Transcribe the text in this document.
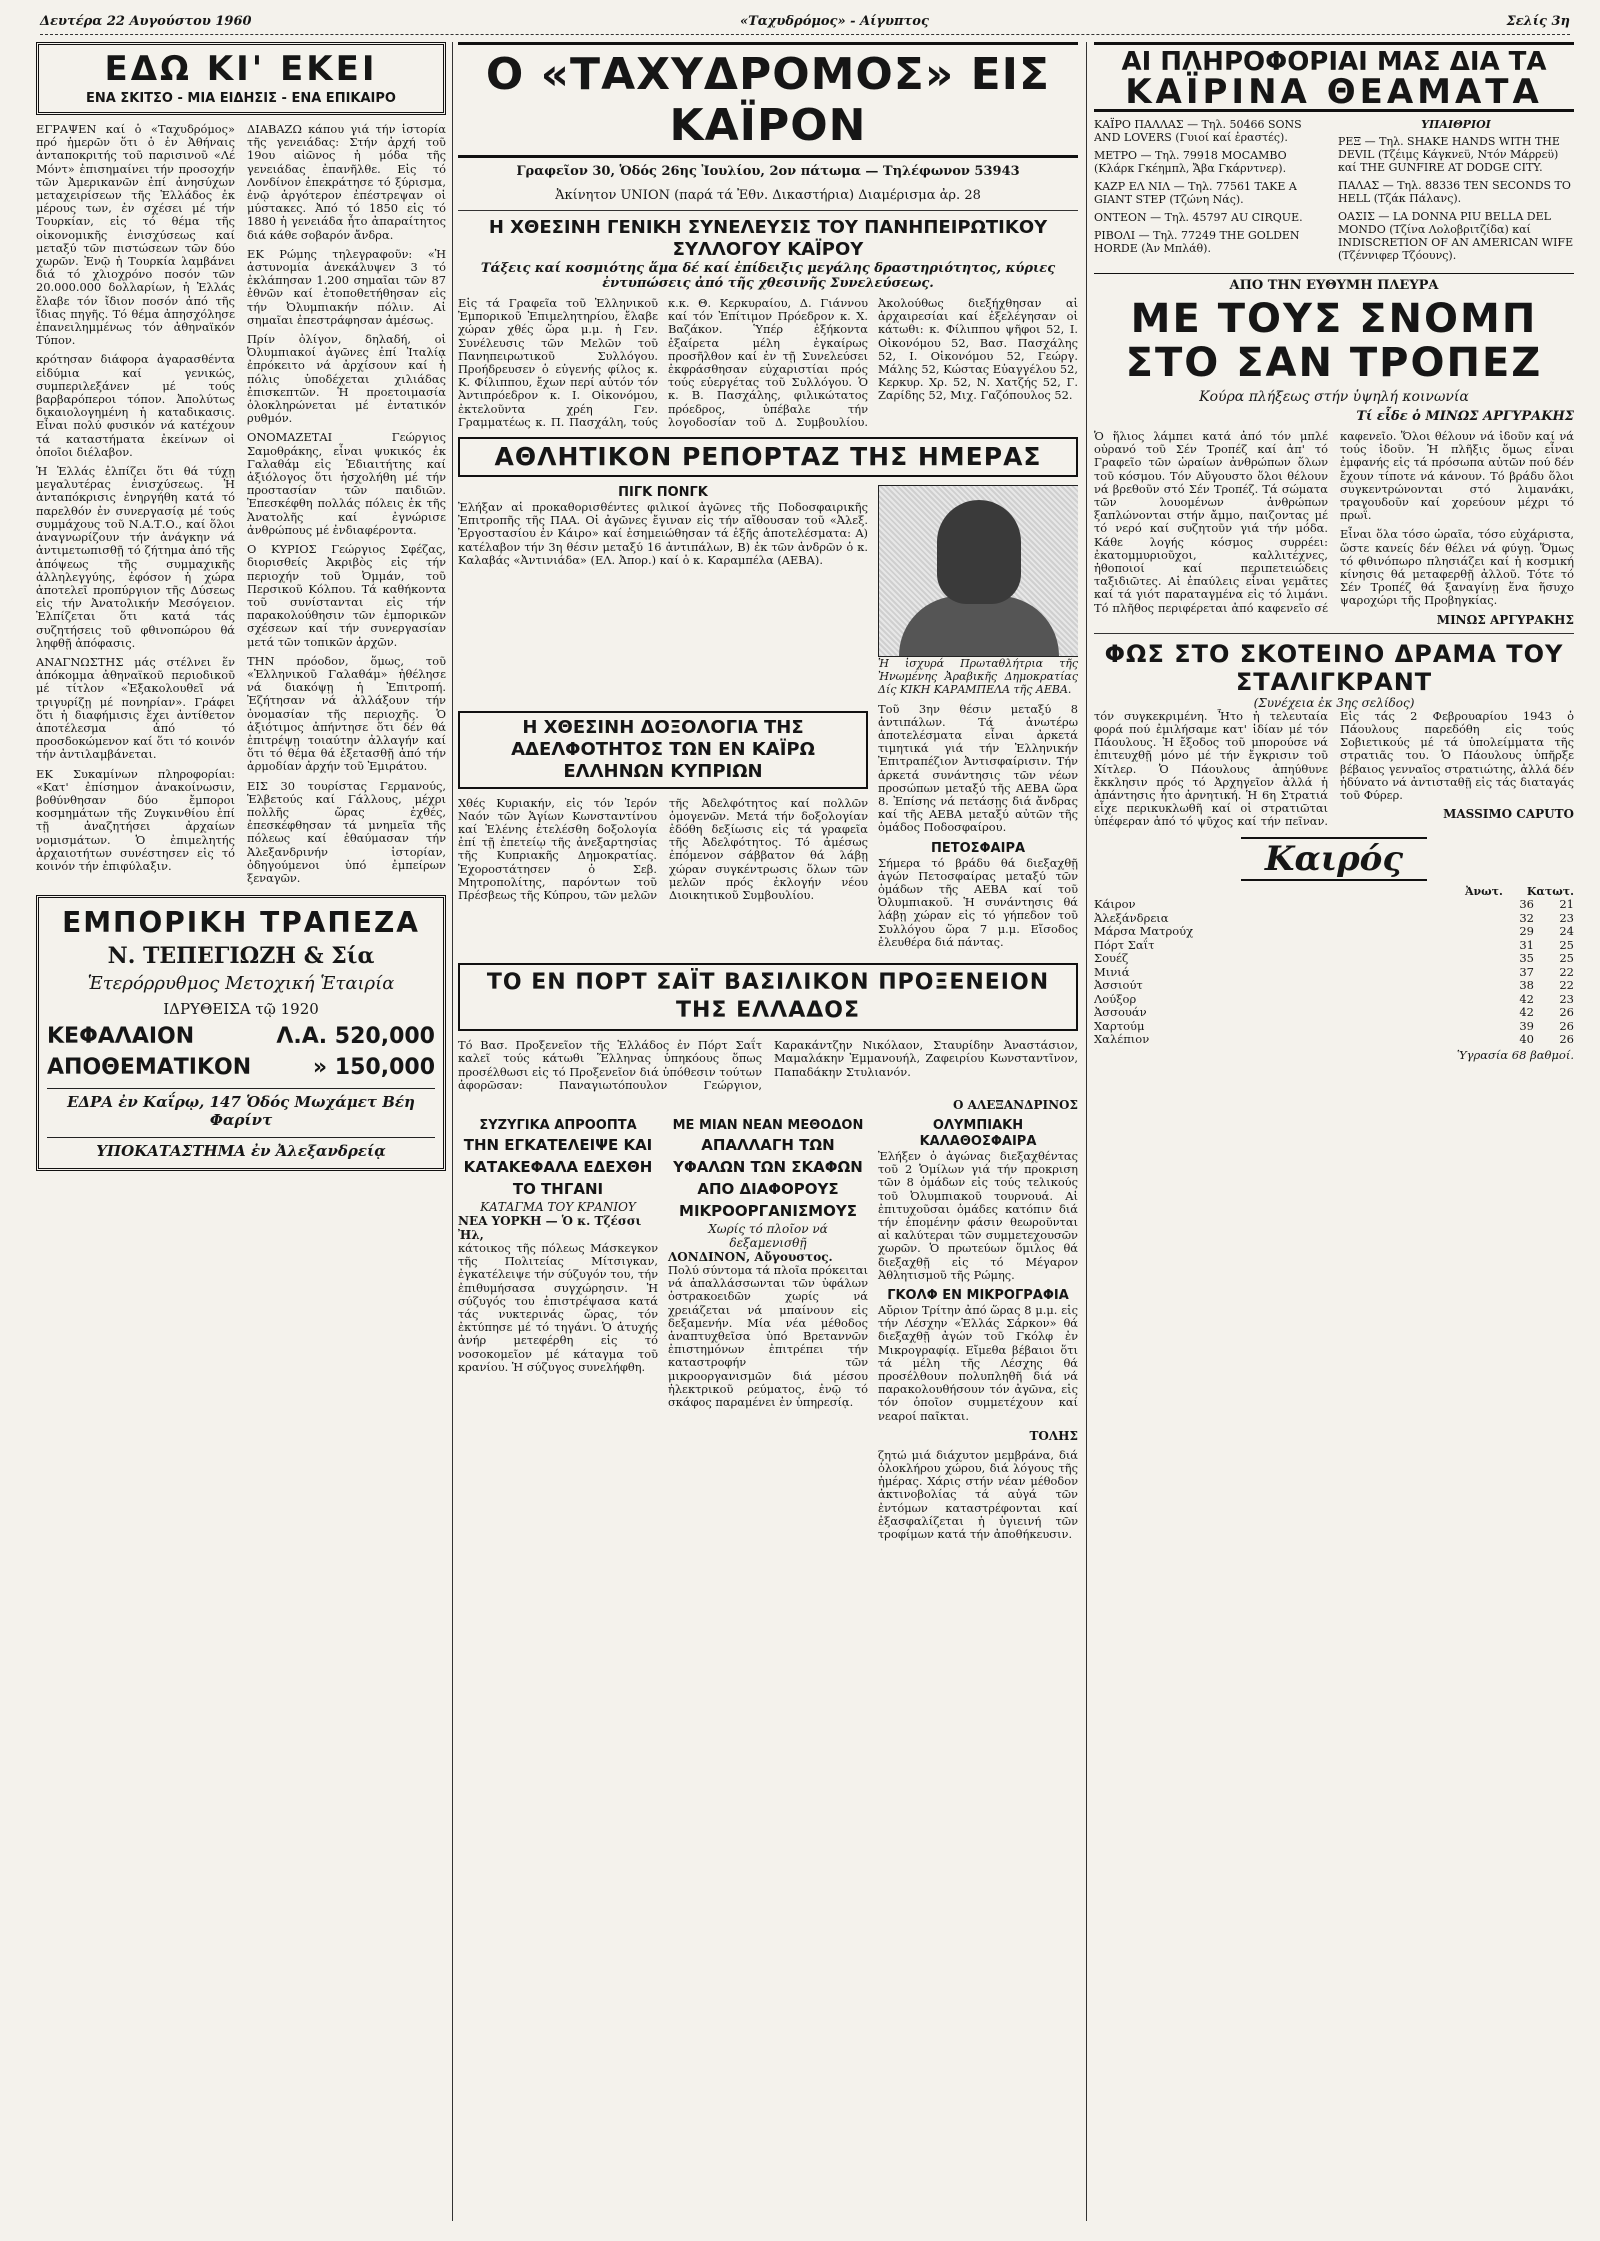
Δευτέρα 22 Αυγούστου 1960	«Ταχυδρόμος» - Αίγυπτος	Σελίς 3η
ΕΔΩ ΚΙ' ΕΚΕΙ
ΕΝΑ ΣΚΙΤΣΟ - ΜΙΑ ΕΙΔΗΣΙΣ - ΕΝΑ ΕΠΙΚΑΙΡΟ

ΕΓΡΑΨΕΝ καί ὁ «Ταχυδρόμος» πρό ἡμερῶν ὅτι ὁ ἐν Ἀθήναις ἀνταποκριτής τοῦ παρισινοῦ «Λέ Μόντ» ἐπισημαίνει τήν προσοχήν τῶν Ἀμερικανῶν ἐπί ἀνησύχων μεταχειρίσεων τῆς Ἑλλάδος ἐκ μέρους των, ἐν σχέσει μέ τήν Τουρκίαν, εἰς τό θέμα τῆς οἰκονομικῆς ἐνισχύσεως καί μεταξύ τῶν πιστώσεων τῶν δύο χωρῶν. Ἐνῷ ἡ Τουρκία λαμβάνει διά τό χλιοχρόνο ποσόν τῶν 20.000.000 δολλαρίων, ἡ Ἑλλάς ἔλαβε τόν ἴδιον ποσόν ἀπό τῆς ἴδιας πηγῆς. Τό θέμα ἀπησχόλησε ἐπανειλημμένως τόν ἀθηναϊκόν Τύπον.

κρότησαν διάφορα ἀγαρασθέντα εἰδύμια καί γενικώς, συμπεριλεξάνεν μέ τούς βαρβαρόπεροι τόπον. Ἀπολύτως δικαιολογημένη ἡ καταδικασις. Εἶναι πολύ φυσικόν νά κατέχουν τά καταστήματα ἐκείνων οἱ ὁποῖοι διέλαβον.

Ἡ Ἑλλάς ἐλπίζει ὅτι θά τύχῃ μεγαλυτέρας ἐνισχύσεως. Ἡ ἀνταπόκρισις ἐνηργήθη κατά τό παρελθόν ἐν συνεργασίᾳ μέ τούς συμμάχους τοῦ Ν.Α.Τ.Ο., καί ὅλοι ἀναγνωρίζουν τήν ἀνάγκην νά ἀντιμετωπισθῇ τό ζήτημα ἀπό τῆς ἀπόψεως τῆς συμμαχικῆς ἀλληλεγγύης, ἐφόσον ἡ χώρα ἀποτελεῖ προπύργιον τῆς Δύσεως εἰς τήν Ἀνατολικήν Μεσόγειον. Ἐλπίζεται ὅτι κατά τάς συζητήσεις τοῦ φθινοπώρου θά ληφθῇ ἀπόφασις.

ΑΝΑΓΝΩΣΤΗΣ μάς στέλνει ἕν ἀπόκομμα ἀθηναϊκοῦ περιοδικοῦ μέ τίτλον «Ἐξακολουθεῖ νά τριγυρίζῃ μέ πονηρίαν». Γράφει ὅτι ἡ διαφήμισις ἔχει ἀντίθετον ἀποτέλεσμα ἀπό τό προσδοκώμενον καί ὅτι τό κοινόν τήν ἀντιλαμβάνεται.

ΕΚ Συκαμίνων πληροφορίαι: «Κατ' ἐπίσημον ἀνακοίνωσιν, βοθύνθησαν δύο ἔμποροι κοσμημάτων τῆς Ζυγκινθίου ἐπί τῇ ἀναζητήσει ἀρχαίων νομισμάτων. Ὁ ἐπιμελητής ἀρχαιοτήτων συνέστησεν εἰς τό κοινόν τήν ἐπιφύλαξιν.

ΔΙΑΒΑΖΩ κάπου γιά τήν ἱστορία τῆς γενειάδας: Στήν ἀρχή τοῦ 19ου αἰῶνος ἡ μόδα τῆς γενειάδας ἐπανῆλθε. Εἰς τό Λονδίνον ἐπεκράτησε τό ξύρισμα, ἐνῷ ἀργότερον ἐπέστρεψαν οἱ μύστακες. Ἀπό τό 1850 εἰς τό 1880 ἡ γενειάδα ἦτο ἀπαραίτητος διά κάθε σοβαρόν ἄνδρα.

ΕΚ Ρώμης τηλεγραφοῦν: «Ἡ ἀστυνομία ἀνεκάλυψεν 3 τό ἐκλάπησαν 1.200 σημαῖαι τῶν 87 ἐθνῶν καί ἐτοποθετήθησαν εἰς τήν Ὀλυμπιακήν πόλιν. Αἱ σημαῖαι ἐπεστράφησαν ἀμέσως.

Πρίν ὀλίγον, δηλαδή, οἱ Ὀλυμπιακοί ἀγῶνες ἐπί Ἰταλίᾳ ἐπρόκειτο νά ἀρχίσουν καί ἡ πόλις ὑποδέχεται χιλιάδας ἐπισκεπτῶν. Ἡ προετοιμασία ὁλοκληρώνεται μέ ἐντατικόν ρυθμόν.

ΟΝΟΜΑΖΕΤΑΙ Γεώργιος Σαμοθράκης, εἶναι ψυκικός ἐκ Γαλαθάμ εἰς Ἐδιαιτήτης καί ἀξιόλογος ὅτι ἠσχολήθη μέ τήν προστασίαν τῶν παιδιῶν. Ἐπεσκέφθη πολλάς πόλεις ἐκ τῆς Ἀνατολῆς καί ἐγνώρισε ἀνθρώπους μέ ἐνδιαφέροντα.

Ο ΚΥΡΙΟΣ Γεώργιος Σφέζας, διορισθείς Ἀκριβὸς εἰς τήν περιοχήν τοῦ Ὀμμάν, τοῦ Περσικοῦ Κόλπου. Τά καθήκοντα τοῦ συνίστανται εἰς τήν παρακολούθησιν τῶν ἐμπορικῶν σχέσεων καί τήν συνεργασίαν μετά τῶν τοπικῶν ἀρχῶν.

ΤΗΝ πρόοδον, ὅμως, τοῦ «Ἑλληνικοῦ Γαλαθάμ» ἠθέλησε νά διακόψῃ ἡ Ἐπιτροπή. Ἐζήτησαν νά ἀλλάξουν τήν ὀνομασίαν τῆς περιοχῆς. Ὁ ἀξιότιμος ἀπήντησε ὅτι δέν θά ἐπιτρέψῃ τοιαύτην ἀλλαγήν καί ὅτι τό θέμα θά ἐξετασθῇ ἀπό τήν ἀρμοδίαν ἀρχήν τοῦ Ἐμιράτου.

ΕΙΣ 30 τουρίστας Γερμανούς, Ἑλβετούς καί Γάλλους, μέχρι πολλῆς ὥρας ἐχθές, ἐπεσκέφθησαν τά μνημεῖα τῆς πόλεως καί ἐθαύμασαν τήν Ἀλεξανδρινήν ἱστορίαν, ὁδηγούμενοι ὑπό ἐμπείρων ξεναγῶν.

ΕΜΠΟΡΙΚΗ ΤΡΑΠΕΖΑ
Ν. ΤΕΠΕΓΙΩΖΗ & Σία
Ἑτερόρρυθμος Μετοχική Ἑταιρία
ΙΔΡΥΘΕΙΣΑ τῷ 1920
ΚΕΦΑΛΑΙΟΝ	Λ.Α. 520,000
ΑΠΟΘΕΜΑΤΙΚΟΝ	» 150,000
ΕΔΡΑ ἐν Καΐρῳ, 147 Ὁδός Μωχάμετ Βέη Φαρίντ
ΥΠΟΚΑΤΑΣΤΗΜΑ ἐν Ἀλεξανδρείᾳ
Ο «ΤΑΧΥΔΡΟΜΟΣ» ΕΙΣ ΚΑΪΡΟΝ
Γραφεῖον 30, Ὁδός 26ης Ἰουλίου, 2ον πάτωμα — Τηλέφωνον 53943
Ἀκίνητον UNION (παρά τά Ἐθν. Δικαστήρια) Διαμέρισμα ἀρ. 28
Η ΧΘΕΣΙΝΗ ΓΕΝΙΚΗ ΣΥΝΕΛΕΥΣΙΣ ΤΟΥ ΠΑΝΗΠΕΙΡΩΤΙΚΟΥ ΣΥΛΛΟΓΟΥ ΚΑΪΡΟΥ
Τάξεις καί κοσμιότης ἅμα δέ καί ἐπίδειξις μεγάλης δραστηριότητος, κύριες ἐντυπώσεις ἀπό τῆς χθεσινῆς Συνελεύσεως.

Εἰς τά Γραφεῖα τοῦ Ἑλληνικοῦ Ἐμπορικοῦ Ἐπιμελητηρίου, ἔλαβε χώραν χθές ὥρα μ.μ. ἡ Γεν. Συνέλευσις τῶν Μελῶν τοῦ Πανηπειρωτικοῦ Συλλόγου. Προήδρευσεν ὁ εὐγενής φίλος κ. Κ. Φίλιππου, ἔχων περί αὐτόν τόν Ἀντιπρόεδρον κ. Ι. Οἰκονόμου, ἐκτελοῦντα χρέη Γεν. Γραμματέως κ. Π. Πασχάλη, τούς κ.κ. Θ. Κερκυραίου, Δ. Γιάννου καί τόν Ἐπίτιμον Πρόεδρον κ. Χ. Βαζάκον. Ὑπέρ ἐξήκοντα ἐξαίρετα μέλη ἐγκαίρως προσῆλθον καί ἐν τῇ Συνελεύσει ἐκφράσθησαν εὐχαριστίαι πρός τούς εὐεργέτας τοῦ Συλλόγου. Ὁ κ. Β. Πασχάλης, φιλικώτατος πρόεδρος, ὑπέβαλε τήν λογοδοσίαν τοῦ Δ. Συμβουλίου. Ἀκολούθως διεξήχθησαν αἱ ἀρχαιρεσίαι καί ἐξελέγησαν οἱ κάτωθι: κ. Φίλιππου ψῆφοι 52, Ι. Οἰκονόμου 52, Βασ. Πασχάλης 52, Ι. Οἰκονόμου 52, Γεώργ. Μάλης 52, Κώστας Εὐαγγέλου 52, Κερκυρ. Χρ. 52, Ν. Χατζής 52, Γ. Ζαρίδης 52, Μιχ. Γαζόπουλος 52.

ΑΘΛΗΤΙΚΟΝ ΡΕΠΟΡΤΑΖ ΤΗΣ ΗΜΕΡΑΣ
ΠΙΓΚ ΠΟΝΓΚ

Ἐλήξαν αἱ προκαθορισθέντες φιλικοί ἀγῶνες τῆς Ποδοσφαιρικῆς Ἐπιτροπῆς τῆς ΠΑΑ. Οἱ ἀγῶνες ἔγιναν εἰς τήν αἴθουσαν τοῦ «Ἀλεξ. Ἐργοστασίου ἐν Κάιρο» καί ἐσημειώθησαν τά ἑξῆς ἀποτελέσματα: Α) κατέλαβον τήν 3η θέσιν μεταξύ 16 ἀντιπάλων, Β) ἐκ τῶν ἀνδρῶν ὁ κ. Καλαβάς «Ἀντινιάδα» (ΕΛ. Ἀπορ.) καί ὁ κ. Καραμπέλα (ΑΕΒΑ).

Ἡ ἰσχυρά Πρωταθλήτρια τῆς Ἠνωμένης Ἀραβικῆς Δημοκρατίας Δίς ΚΙΚΗ ΚΑΡΑΜΠΕΛΑ τῆς ΑΕΒΑ.

Η ΧΘΕΣΙΝΗ ΔΟΞΟΛΟΓΙΑ ΤΗΣ ΑΔΕΛΦΟΤΗΤΟΣ ΤΩΝ ΕΝ ΚΑΪΡΩ ΕΛΛΗΝΩΝ ΚΥΠΡΙΩΝ

Χθές Κυριακήν, εἰς τόν Ἱερόν Ναόν τῶν Ἁγίων Κωνσταντίνου καί Ἑλένης ἐτελέσθη δοξολογία ἐπί τῇ ἐπετείῳ τῆς ἀνεξαρτησίας τῆς Κυπριακῆς Δημοκρατίας. Ἐχοροστάτησεν ὁ Σεβ. Μητροπολίτης, παρόντων τοῦ Πρέσβεως τῆς Κύπρου, τῶν μελῶν τῆς Ἀδελφότητος καί πολλῶν ὁμογενῶν. Μετά τήν δοξολογίαν ἐδόθη δεξίωσις εἰς τά γραφεῖα τῆς Ἀδελφότητος. Τό ἀμέσως ἐπόμενον σάββατον θά λάβῃ χώραν συγκέντρωσις ὅλων τῶν μελῶν πρός ἐκλογήν νέου Διοικητικοῦ Συμβουλίου.

Τοῦ 3ην θέσιν μεταξύ 8 ἀντιπάλων. Τά ἀνωτέρω ἀποτελέσματα εἶναι ἀρκετά τιμητικά γιά τήν Ἑλληνικήν Ἐπιτραπέζιον Ἀντισφαίρισιν. Τήν ἀρκετά συνάντησις τῶν νέων προσώπων μεταξύ τῆς ΑΕΒΑ ὥρα 8. Ἐπίσης νά πετάσῃς διά ἄνδρας καί τῆς ΑΕΒΑ μεταξύ αὐτῶν τῆς ὁμάδος Ποδοσφαίρου.

ΠΕΤΟΣΦΑΙΡΑ

Σήμερα τό βράδυ θά διεξαχθῇ ἀγών Πετοσφαίρας μεταξύ τῶν ὁμάδων τῆς ΑΕΒΑ καί τοῦ Ὀλυμπιακοῦ. Ἡ συνάντησις θά λάβῃ χώραν εἰς τό γήπεδον τοῦ Συλλόγου ὥρα 7 μ.μ. Εἴσοδος ἐλευθέρα διά πάντας.

ΤΟ ΕΝ ΠΟΡΤ ΣΑΪΤ ΒΑΣΙΛΙΚΟΝ ΠΡΟΞΕΝΕΙΟΝ ΤΗΣ ΕΛΛΑΔΟΣ

Τό Βασ. Προξενεῖον τῆς Ἑλλάδος ἐν Πόρτ Σαΐτ καλεῖ τούς κάτωθι Ἕλληνας ὑπηκόους ὅπως προσέλθωσι εἰς τό Προξενεῖον διά ὑπόθεσιν τούτων ἀφορῶσαν: Παναγιωτόπουλον Γεώργιον, Καρακάντζην Νικόλαον, Σταυρίδην Ἀναστάσιον, Μαμαλάκην Ἐμμανουήλ, Ζαφειρίου Κωνσταντῖνον, Παπαδάκην Στυλιανόν.

Ο ΑΛΕΞΑΝΔΡΙΝΟΣ
ΣΥΖΥΓΙΚΑ ΑΠΡΟΟΠΤΑ
ΤΗΝ ΕΓΚΑΤΕΛΕΙΨΕ ΚΑΙ ΚΑΤΑΚΕΦΑΛΑ ΕΔΕΧΘΗ ΤΟ ΤΗΓΑΝΙ
ΚΑΤΑΓΜΑ ΤΟΥ ΚΡΑΝΙΟΥ
ΝΕΑ ΥΟΡΚΗ — Ὁ κ. Τζέσσι Ἠλ,

κάτοικος τῆς πόλεως Μάσκεγκον τῆς Πολιτείας Μίτσιγκαν, ἐγκατέλειψε τήν σύζυγόν του, τήν ἐπιθυμήσασα συγχώρησιν. Ἡ σύζυγός του ἐπιστρέψασα κατά τάς νυκτερινάς ὥρας, τόν ἐκτύπησε μέ τό τηγάνι. Ὁ ἀτυχής ἀνήρ μετεφέρθη εἰς τό νοσοκομεῖον μέ κάταγμα τοῦ κρανίου. Ἡ σύζυγος συνελήφθη.

ΜΕ ΜΙΑΝ ΝΕΑΝ ΜΕΘΟΔΟΝ
ΑΠΑΛΛΑΓΗ ΤΩΝ ΥΦΑΛΩΝ ΤΩΝ ΣΚΑΦΩΝ ΑΠΟ ΔΙΑΦΟΡΟΥΣ ΜΙΚΡΟΟΡΓΑΝΙΣΜΟΥΣ
Χωρίς τό πλοῖον νά δεξαμενισθῇ
ΛΟΝΔΙΝΟΝ, Αὔγουστος.

Πολύ σύντομα τά πλοῖα πρόκειται νά ἀπαλλάσσωνται τῶν ὑφάλων ὀστρακοειδῶν χωρίς νά χρειάζεται νά μπαίνουν εἰς δεξαμενήν. Μία νέα μέθοδος ἀναπτυχθεῖσα ὑπό Βρεταννῶν ἐπιστημόνων ἐπιτρέπει τήν καταστροφήν τῶν μικροοργανισμῶν διά μέσου ἠλεκτρικοῦ ρεύματος, ἐνῷ τό σκάφος παραμένει ἐν ὑπηρεσίᾳ.

ΟΛΥΜΠΙΑΚΗ ΚΑΛΑΘΟΣΦΑΙΡΑ

Ἐλήξεν ὁ ἀγώνας διεξαχθέντας τοῦ 2 Ὁμίλων γιά τήν προκριση τῶν 8 ὁμάδων εἰς τούς τελικούς τοῦ Ὀλυμπιακοῦ τουρνουά. Αἱ ἐπιτυχοῦσαι ὁμάδες κατόπιν διά τήν ἑπομένην φάσιν θεωροῦνται αἱ καλύτεραι τῶν συμμετεχουσῶν χωρῶν. Ὁ πρωτεύων ὅμιλος θά διεξαχθῇ εἰς τό Μέγαρον Ἀθλητισμοῦ τῆς Ρώμης.

ΓΚΟΛΦ ΕΝ ΜΙΚΡΟΓΡΑΦΙΑ

Αὔριον Τρίτην ἀπό ὥρας 8 μ.μ. εἰς τήν Λέσχην «Ἑλλάς Σάρκον» θά διεξαχθῇ ἀγών τοῦ Γκόλφ ἐν Μικρογραφίᾳ. Εἴμεθα βέβαιοι ὅτι τά μέλη τῆς Λέσχης θά προσέλθουν πολυπληθῆ διά νά παρακολουθήσουν τόν ἀγῶνα, εἰς τόν ὁποῖον συμμετέχουν καί νεαροί παῖκται.

ΤΟΛΗΣ

ζητώ μιά διάχυτον μεμβράνα, διά ὁλοκλήρου χώρου, διά λόγους τῆς ἡμέρας. Χάρις στήν νέαν μέθοδον ἀκτινοβολίας τά αὐγά τῶν ἐντόμων καταστρέφονται καί ἐξασφαλίζεται ἡ ὑγιεινή τῶν τροφίμων κατά τήν ἀποθήκευσιν.

ΑΙ ΠΛΗΡΟΦΟΡΙΑΙ ΜΑΣ ΔΙΑ ΤΑ
ΚΑΪΡΙΝΑ ΘΕΑΜΑΤΑ

ΚΑΪΡΟ ΠΑΛΛΑΣ — Τηλ. 50466 SONS AND LOVERS (Γυιοί καί ἐραστές).

ΜΕΤΡΟ — Τηλ. 79918 MOCAMBO (Κλάρκ Γκέημπλ, Ἄβα Γκάρντνερ).

ΚΑΖΡ ΕΛ ΝΙΛ — Τηλ. 77561 TAKE A GIANT STEP (Τζώνη Νάς).

ΟΝΤΕΟΝ — Τηλ. 45797 AU CIRQUE.

ΡΙΒΟΛΙ — Τηλ. 77249 THE GOLDEN HORDE (Ἀν Μπλάθ).

ΥΠΑΙΘΡΙΟΙ

ΡΕΞ — Τηλ. SHAKE HANDS WITH THE DEVIL (Τζέιμς Κάγκνεϋ, Ντόν Μάρρεϋ) καί THE GUNFIRE AT DODGE CITY.

ΠΑΛΑΣ — Τηλ. 88336 TEN SECONDS TO HELL (Τζάκ Πάλανς).

ΟΑΣΙΣ — LA DONNA PIU BELLA DEL MONDO (Τζίνα Λολοβριτζίδα) καί INDISCRETION OF AN AMERICAN WIFE (Τζέννιφερ Τζόουνς).

ΑΠΟ ΤΗΝ ΕΥΘΥΜΗ ΠΛΕΥΡΑ
ΜΕ ΤΟΥΣ ΣΝΟΜΠ ΣΤΟ ΣΑΝ ΤΡΟΠΕΖ
Κούρα πλήξεως στήν ὑψηλή κοινωνία
Τί εἶδε ὁ ΜΙΝΩΣ ΑΡΓΥΡΑΚΗΣ

Ὁ ἥλιος λάμπει κατά ἀπό τόν μπλέ οὐρανό τοῦ Σέν Τροπέζ καί ἀπ' τό Γραφεῖο τῶν ὡραίων ἀνθρώπων ὅλων τοῦ κόσμου. Τόν Αὔγουστο ὅλοι θέλουν νά βρεθοῦν στό Σέν Τροπέζ. Τά σώματα τῶν λουομένων ἀνθρώπων ξαπλώνονται στήν ἄμμο, παιζοντας μέ τό νερό καί συζητοῦν γιά τήν μόδα. Κάθε λογής κόσμος συρρέει: ἐκατομμυριοῦχοι, καλλιτέχνες, ἠθοποιοί καί περιπετειώδεις ταξιδιῶτες. Αἱ ἐπαύλεις εἶναι γεμᾶτες καί τά γιότ παραταγμένα εἰς τό λιμάνι. Τό πλῆθος περιφέρεται ἀπό καφενεῖο σέ καφενεῖο. Ὅλοι θέλουν νά ἰδοῦν καί νά τούς ἰδοῦν. Ἡ πλῆξις ὅμως εἶναι ἐμφανής εἰς τά πρόσωπα αὐτῶν πού δέν ἔχουν τίποτε νά κάνουν. Τό βράδυ ὅλοι συγκεντρώνονται στό λιμανάκι, τραγουδοῦν καί χορεύουν μέχρι τό πρωΐ.

Εἶναι ὅλα τόσο ὡραῖα, τόσο εὐχάριστα, ὥστε κανείς δέν θέλει νά φύγῃ. Ὅμως τό φθινόπωρο πλησιάζει καί ἡ κοσμική κίνησις θά μεταφερθῇ ἀλλοῦ. Τότε τό Σέν Τροπέζ θά ξαναγίνῃ ἕνα ἥσυχο ψαροχώρι τῆς Προβηγκίας.

ΜΙΝΩΣ ΑΡΓΥΡΑΚΗΣ
ΦΩΣ ΣΤΟ ΣΚΟΤΕΙΝΟ ΔΡΑΜΑ ΤΟΥ ΣΤΑΛΙΓΚΡΑΝΤ
(Συνέχεια ἐκ 3ης σελίδος)

τόν συγκεκριμένη. Ἦτο ἡ τελευταία φορά πού ἐμιλήσαμε κατ' ἰδίαν μέ τόν Πάουλους. Ἡ ἔξοδος τοῦ μπορούσε νά ἐπιτευχθῇ μόνο μέ τήν ἔγκρισιν τοῦ Χίτλερ. Ὁ Πάουλους ἀπηύθυνε ἔκκλησιν πρός τό Ἀρχηγεῖον ἀλλά ἡ ἀπάντησις ἦτο ἀρνητική. Ἡ 6η Στρατιά εἶχε περικυκλωθῆ καί οἱ στρατιῶται ὑπέφεραν ἀπό τό ψῦχος καί τήν πεῖναν. Εἰς τάς 2 Φεβρουαρίου 1943 ὁ Πάουλους παρεδόθη εἰς τούς Σοβιετικούς μέ τά ὑπολείμματα τῆς στρατιᾶς του. Ὁ Πάουλους ὑπῆρξε βέβαιος γενναῖος στρατιώτης, ἀλλά δέν ἠδύνατο νά ἀντισταθῇ εἰς τάς διαταγάς τοῦ Φύρερ.

MASSIMO CAPUTO
Καιρός
Ἀνωτ. Κατωτ.
Κάιρον	36	21
Ἀλεξάνδρεια	32	23
Μάρσα Ματρούχ	29	24
Πόρτ Σαΐτ	31	25
Σουέζ	35	25
Μινιά	37	22
Ἀσσιούτ	38	22
Λούξορ	42	23
Ἀσσουάν	42	26
Χαρτούμ	39	26
Χαλέπιον	40	26
Ὑγρασία 68 βαθμοί.
